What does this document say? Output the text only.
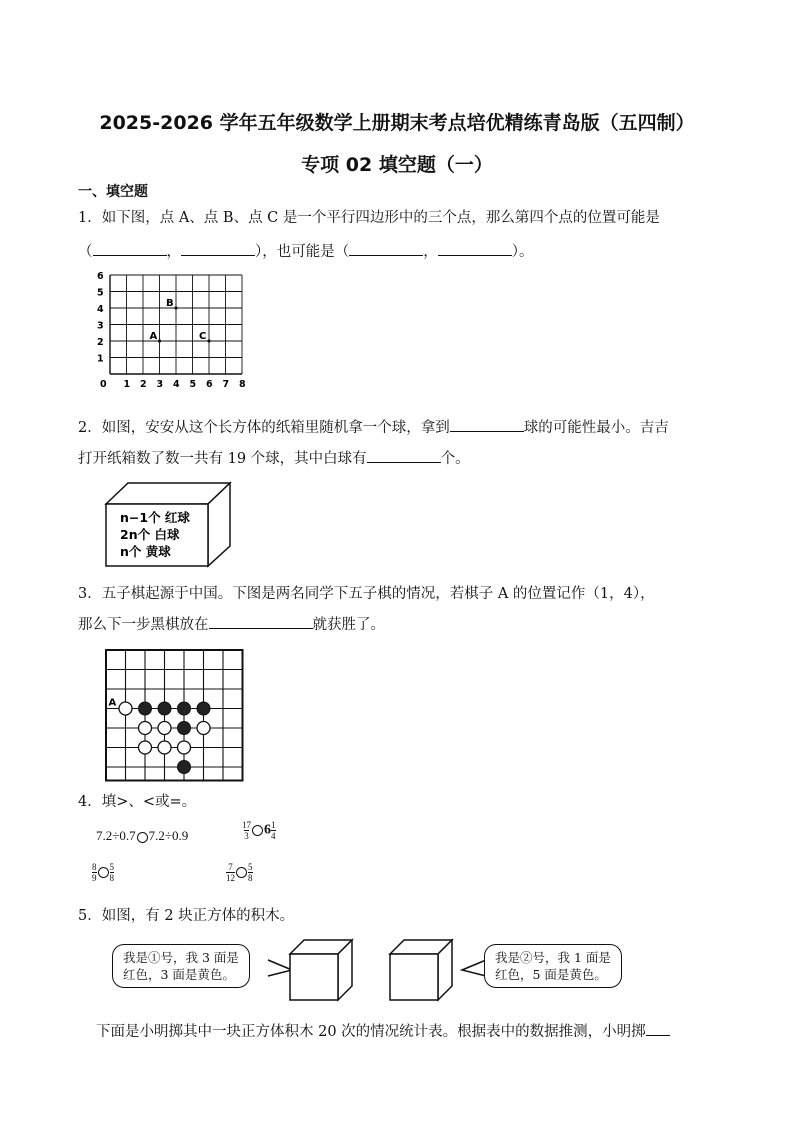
2025-2026 学年五年级数学上册期末考点培优精练青岛版（五四制）
专项 02 填空题（一）
一、填空题
1．如下图，点 A、点 B、点 C 是一个平行四边形中的三个点，那么第四个点的位置可能是
（	，	），也可能是（	，	）。
0 1 2 3 4 5 6 7 8
1
2
3
4
5
6
A
B
C
2．如图，安安从这个长方体的纸箱里随机拿一个球，拿到	球的可能性最小。吉吉
打开纸箱数了数一共有 19 个球，其中白球有	个。
n−1个 红球
2n个 白球
n个 黄球
3．五子棋起源于中国。下图是两名同学下五子棋的情况，若棋子 A 的位置记作（1，4），
那么下一步黑棋放在	就获胜了。
A
4．填>、<或=。
7.2÷0.7 7.2÷0.9	$\frac{17}{3} 6 \frac{1}{4}$
$\frac{8}{9} \frac{5}{8}$	$\frac{7}{12} \frac{5}{8}$
5．如图，有 2 块正方体的积木。
我是①号，我 3 面是
红色，3 面是黄色。
我是②号，我 1 面是
红色，5 面是黄色。
下面是小明掷其中一块正方体积木 20 次的情况统计表。根据表中的数据推测，小明掷
